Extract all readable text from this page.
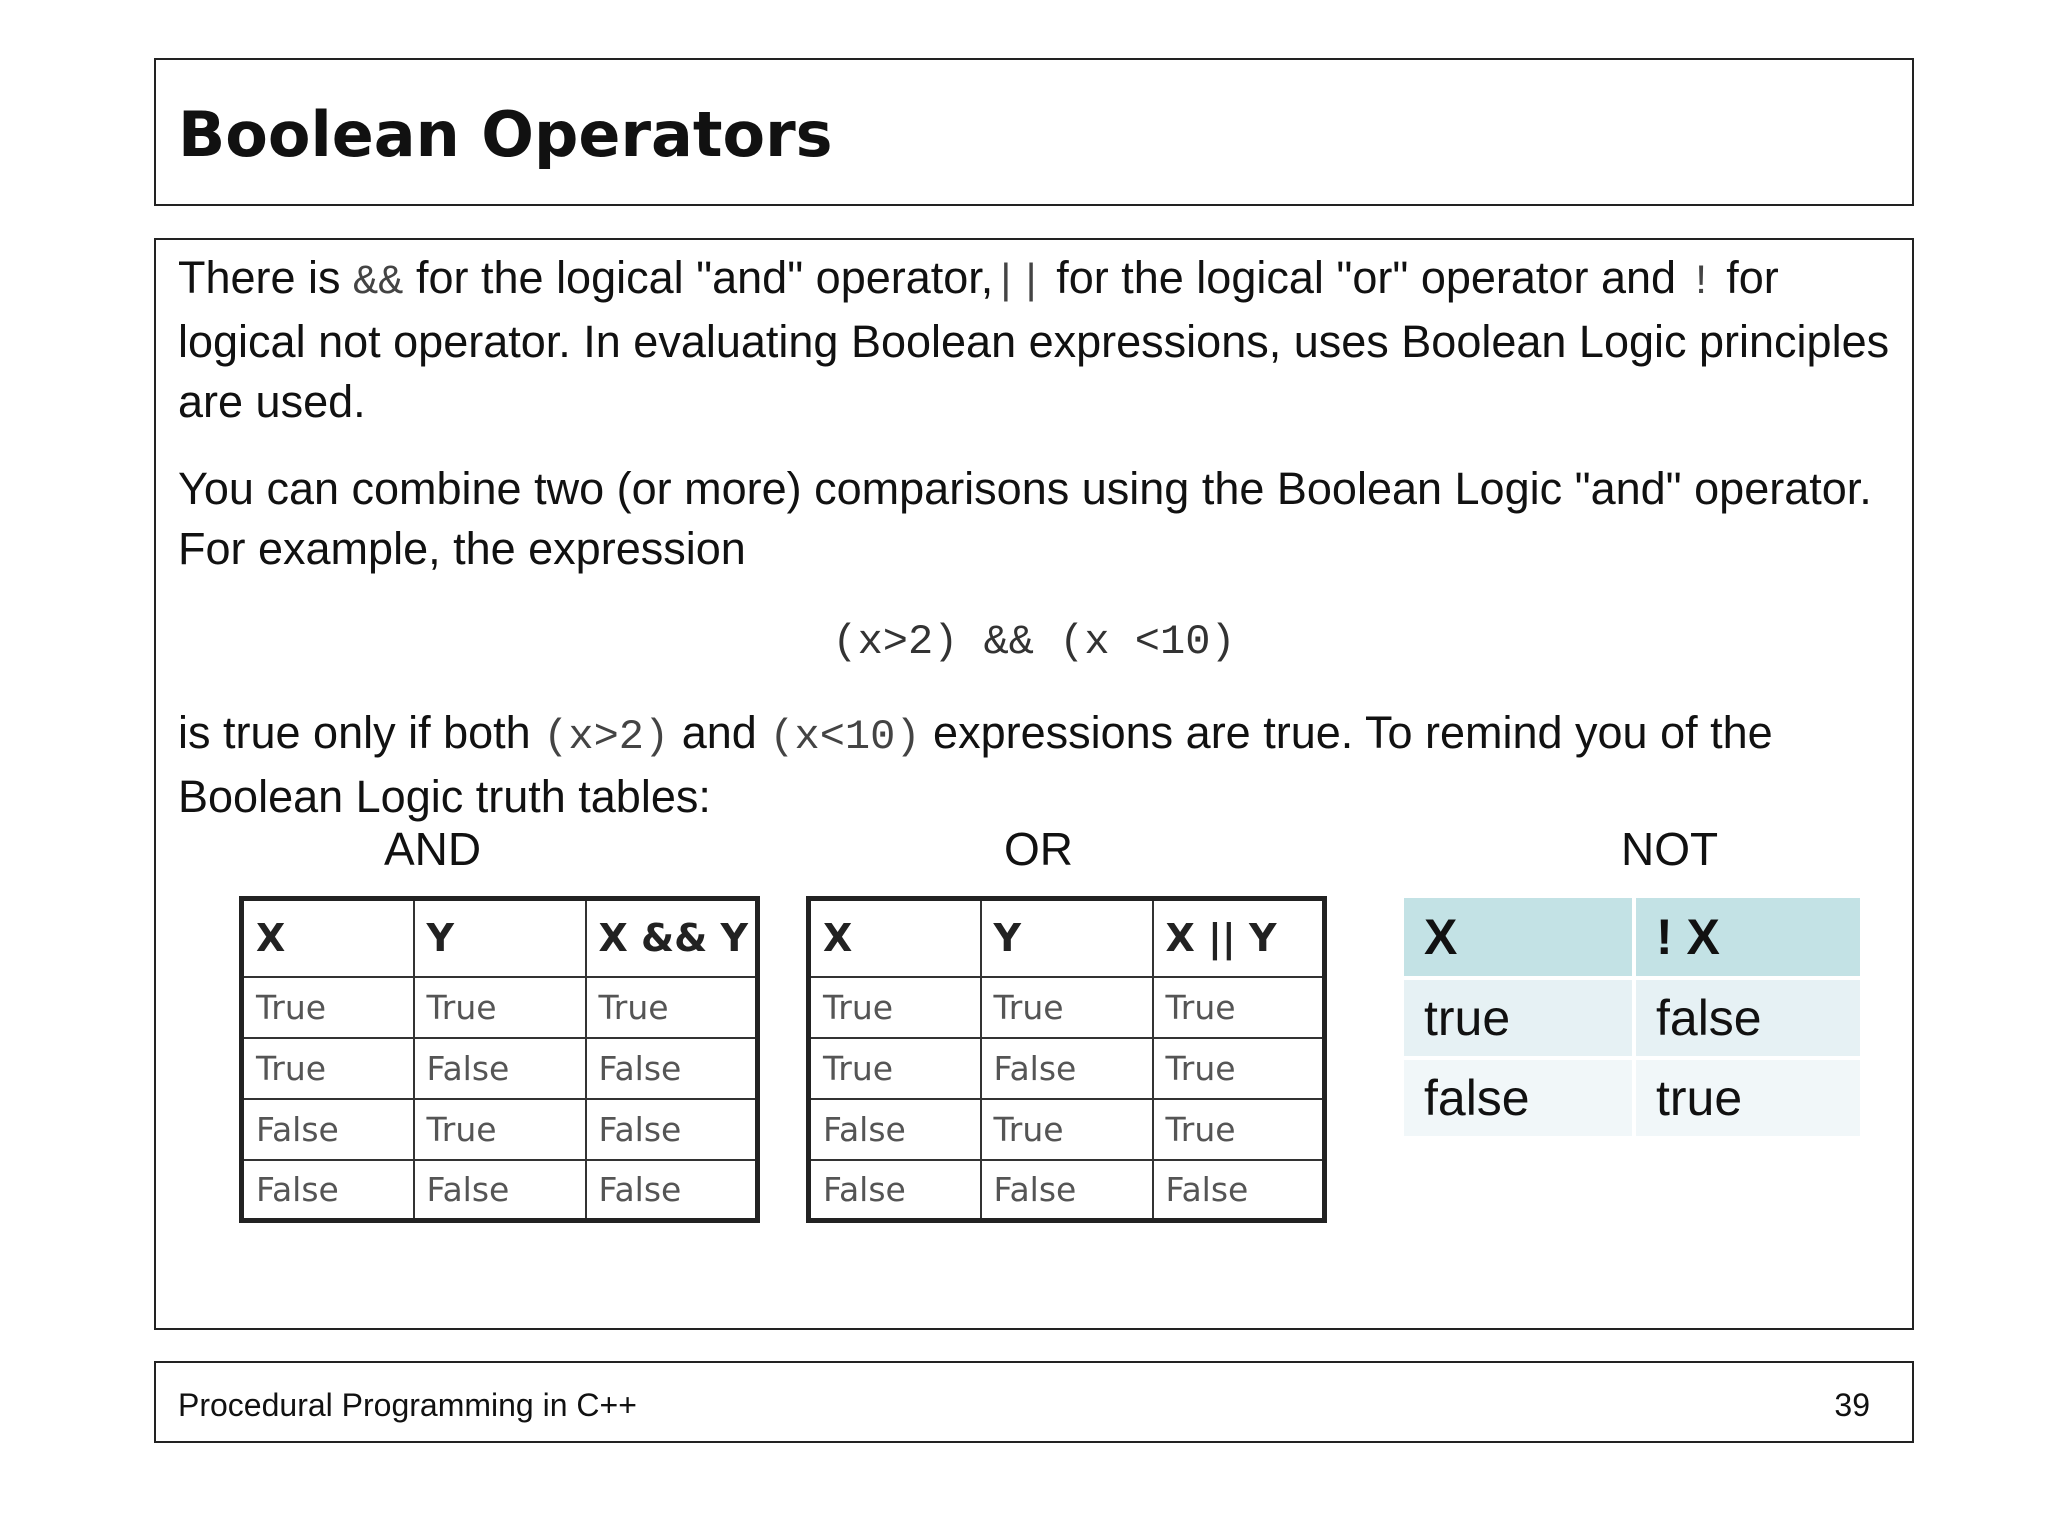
Boolean Operators

There is && for the logical "and" operator,|| for the logical "or" operator and ! for logical not operator. In evaluating Boolean expressions, uses Boolean Logic principles are used.

You can combine two (or more) comparisons using the Boolean Logic "and" operator. For example, the expression

(x>2) && (x <10)

is true only if both (x>2) and (x<10) expressions are true. To remind you of the Boolean Logic truth tables:

AND	OR	NOT
X	Y	X && Y
True	True	True
True	False	False
False	True	False
False	False	False
X	Y	X || Y
True	True	True
True	False	True
False	True	True
False	False	False
X	! X
true	false
false	true
Procedural Programming in C++	39
